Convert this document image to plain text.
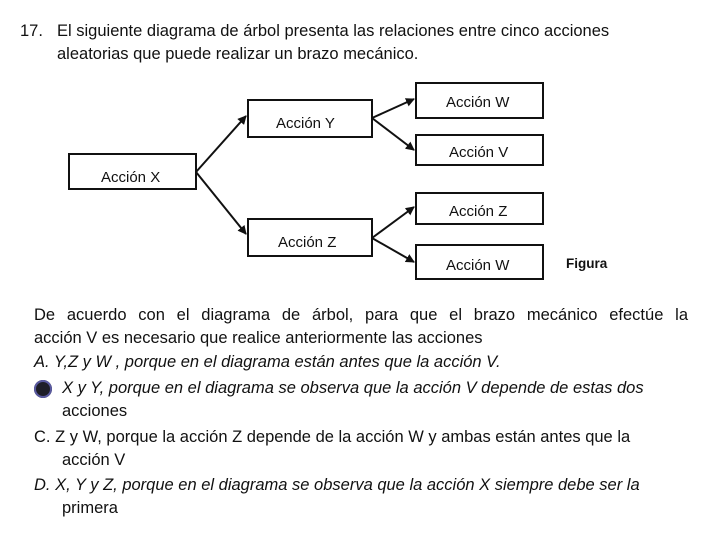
17. El siguiente diagrama de árbol presenta las relaciones entre cinco acciones
aleatorias que puede realizar un brazo mecánico.
Acción X
Acción Y
Acción Z
Acción W
Acción V
Acción Z
Acción W	Figura
De acuerdo con el diagrama de árbol, para que el brazo mecánico efectúe la
acción V es necesario que realice anteriormente las acciones
A. Y,Z y W , porque en el diagrama están antes que la acción V.
X y Y, porque en el diagrama se observa que la acción V depende de estas dos
acciones
C. Z y W, porque la acción Z depende de la acción W y ambas están antes que la
acción V
D. X, Y y Z, porque en el diagrama se observa que la acción X siempre debe ser la
primera
